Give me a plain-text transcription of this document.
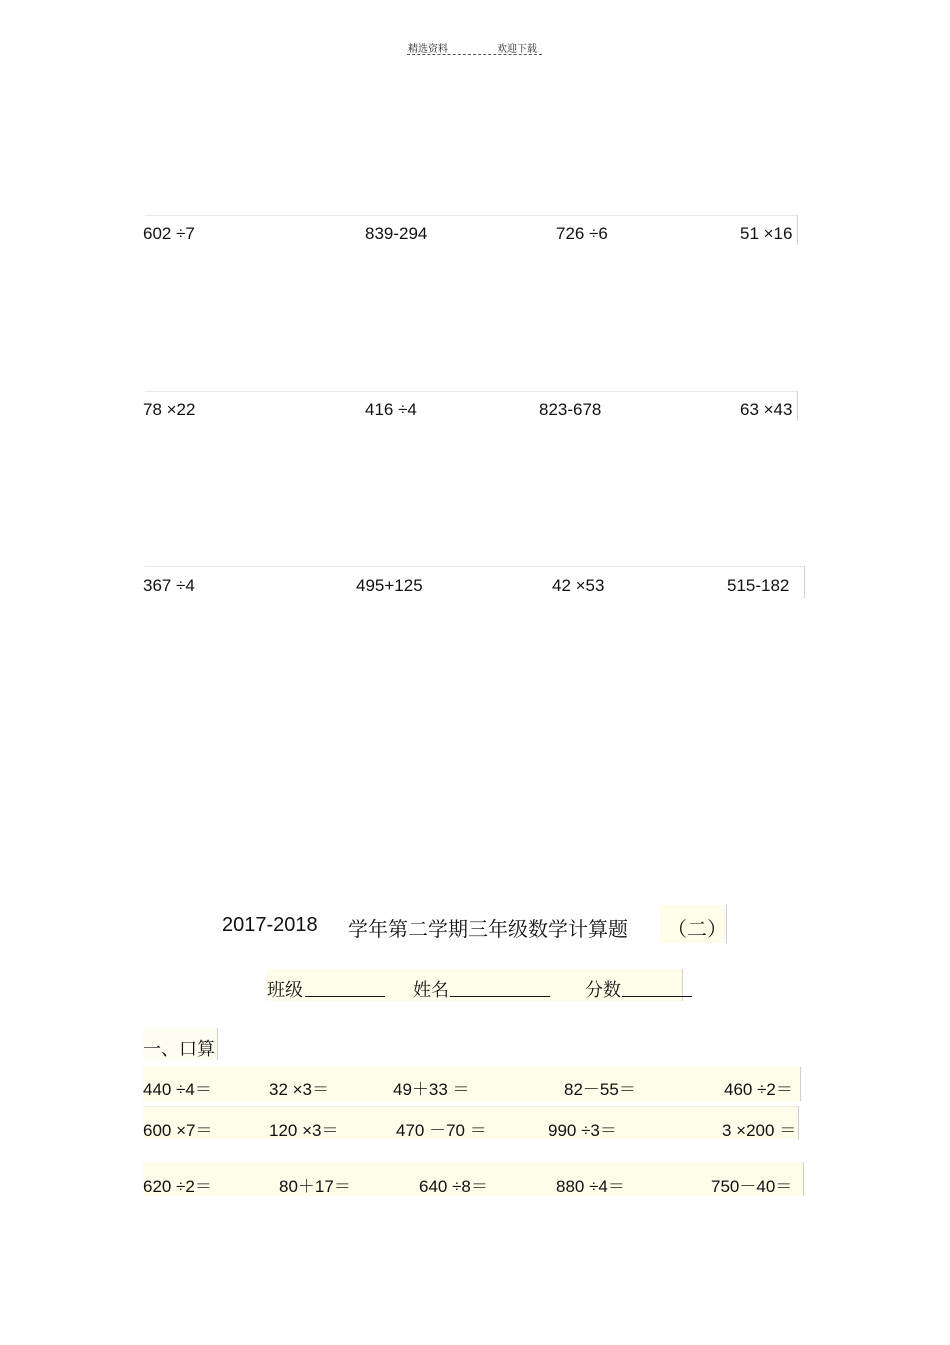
精选资料	欢迎下载
602 ÷7	839-294	726 ÷6	51 ×16
78 ×22	416 ÷4	823-678	63 ×43
367 ÷4	495+125	42 ×53	515-182
2017-2018 学年第二学期三年级数学计算题 （二）
班级	姓名	分数
一、口算
440 ÷4＝	32 ×3＝	49＋33 ＝	82－55＝	460 ÷2＝
600 ×7＝	120 ×3＝	470 －70 ＝	990 ÷3＝	3 ×200 ＝
620 ÷2＝	80＋17＝	640 ÷8＝	880 ÷4＝	750－40＝
